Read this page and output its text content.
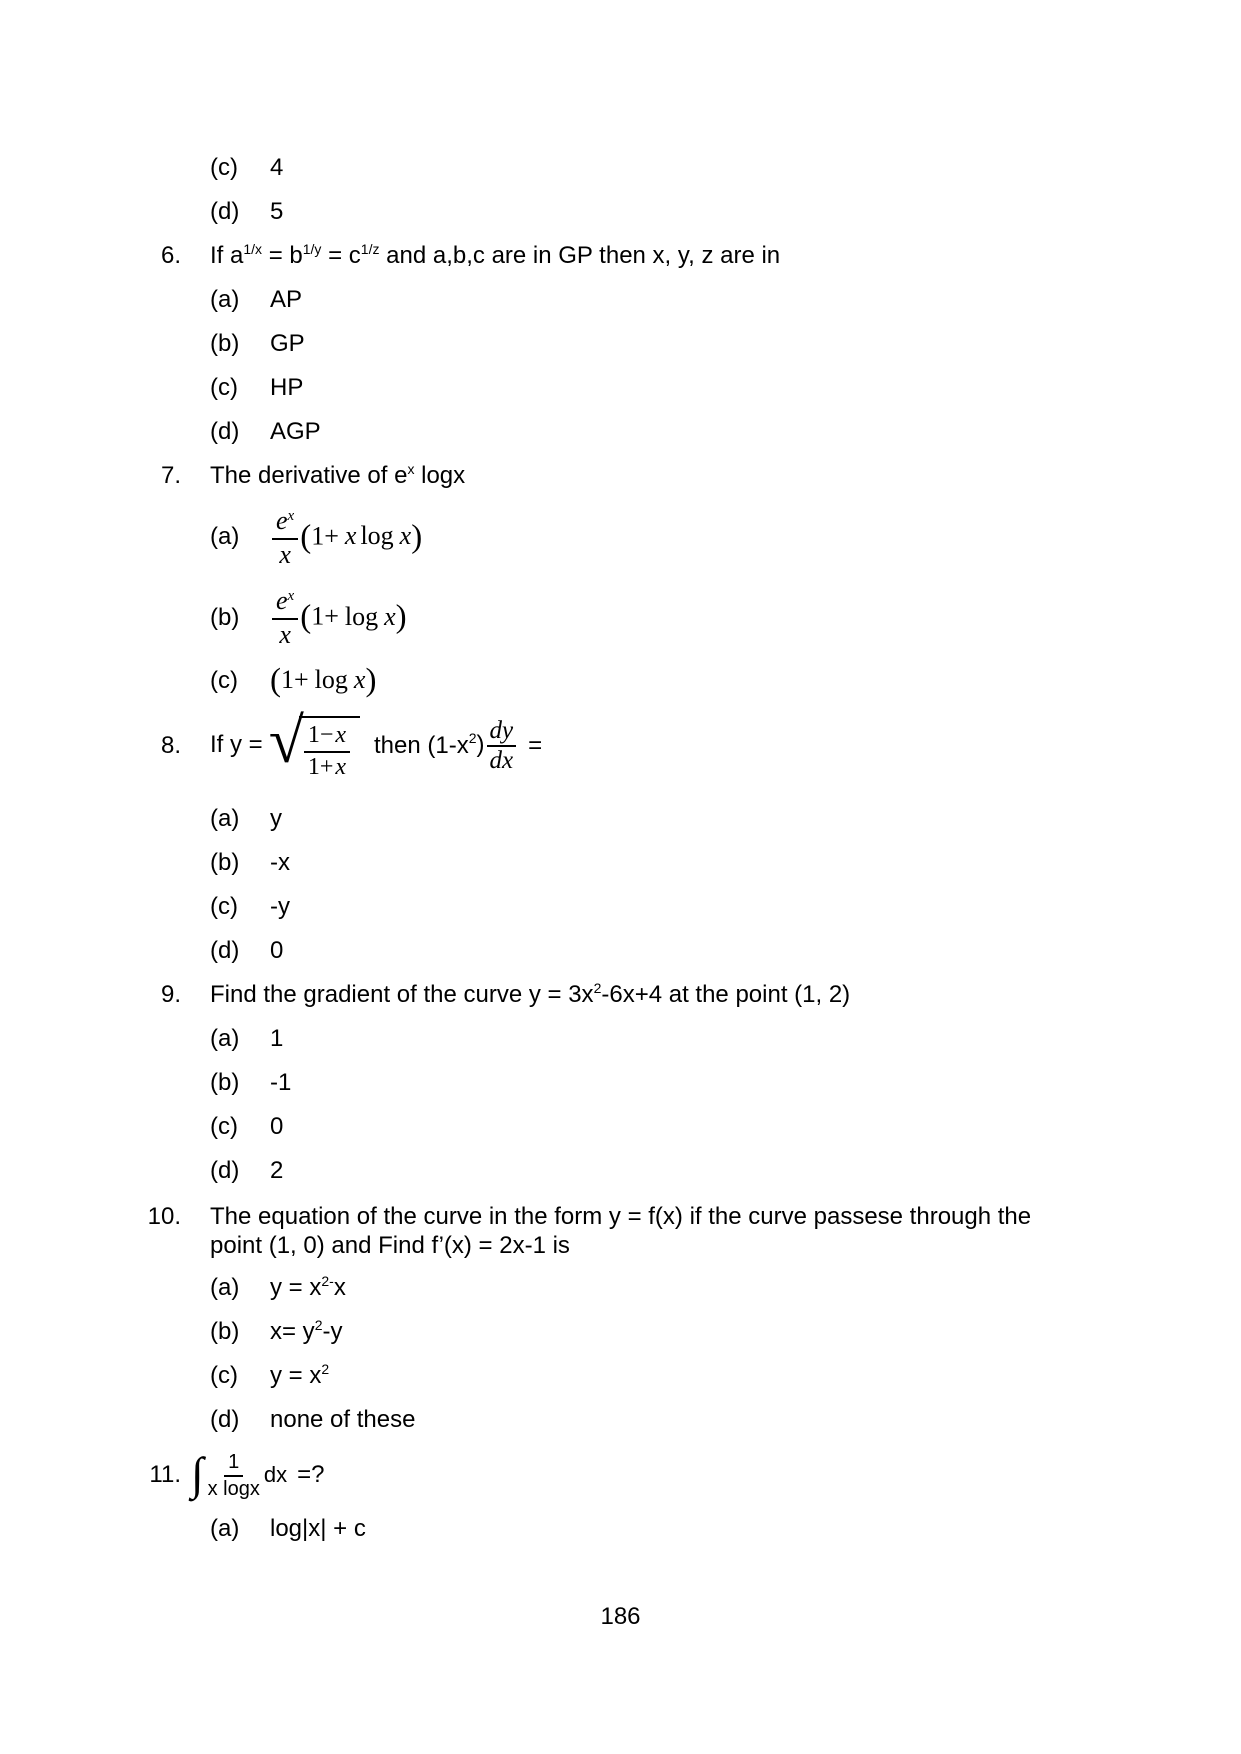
(c)	4
(d)	5
6. If $a^{1/x} = b^{1/y} = c^{1/z}$ and a,b,c are in GP then x, y, z are in
(a)	AP
(b)	GP
(c)	HP
(d)	AGP
7. The derivative of $e^x$ logx
(a)	$\frac{e^x}{x} (1+ x$ log x)
(b)	$\frac{e^x}{x} (1+ \log x)$
(c) (1+ log x)
8. If y = √ $\frac{1-x}{1+x}$ then $(1-x^2) \frac{dy}{dx}$ =
(a)	y
(b)	-x
(c)	-y
(d)	0
9. Find the gradient of the curve $y = 3x^2-6x+4$ at the point (1, 2)
(a)	1
(b)	-1
(c)	0
(d)	2
10. The equation of the curve in the form y = f(x) if the curve passese through the
point (1, 0) and Find f’(x) = 2x-1 is
(a)	$y = x^{2-}x$
(b)	$x= y^2-y$
(c)	$y = x^2$
(d)	none of these
11. ∫ $\frac{1}{\text{x logx}}$ dx =?
(a)	log|x| + c
186
